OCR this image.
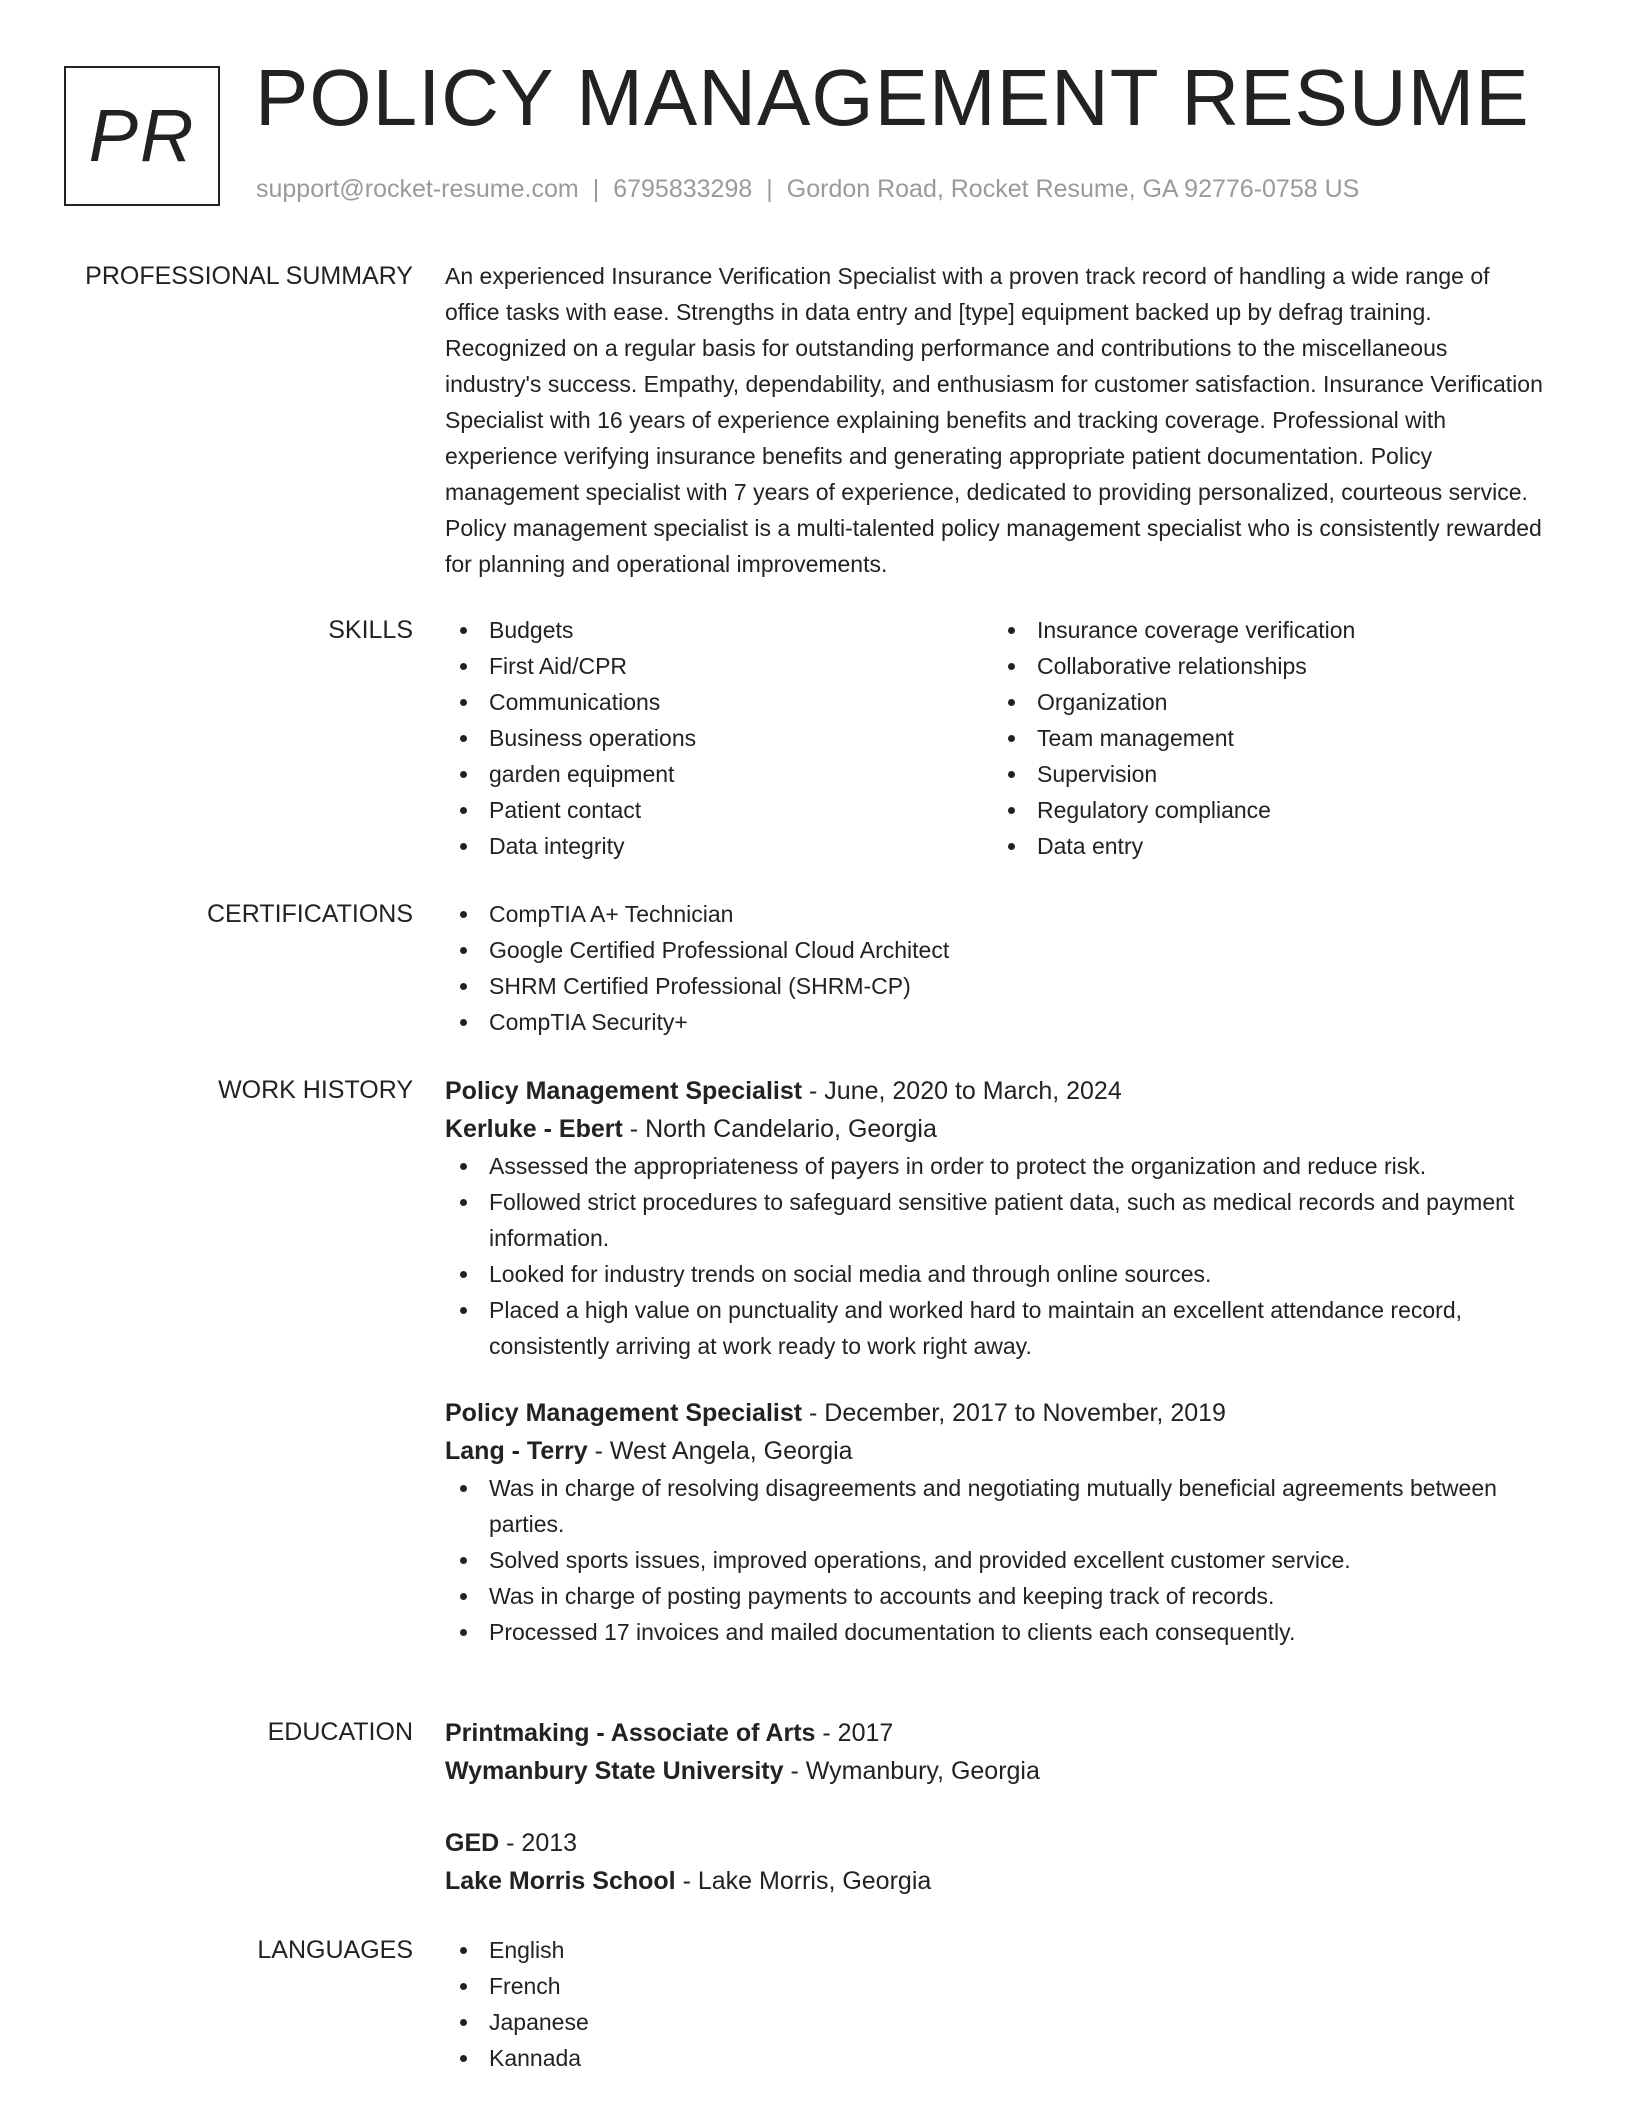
PR POLICY MANAGEMENT RESUME
support@rocket-resume.com | 6795833298 | Gordon Road, Rocket Resume, GA 92776-0758 US
PROFESSIONAL SUMMARY An experienced Insurance Verification Specialist with a proven track record of handling a wide range of office tasks with ease. Strengths in data entry and [type] equipment backed up by defrag training. Recognized on a regular basis for outstanding performance and contributions to the miscellaneous industry's success. Empathy, dependability, and enthusiasm for customer satisfaction. Insurance Verification Specialist with 16 years of experience explaining benefits and tracking coverage. Professional with experience verifying insurance benefits and generating appropriate patient documentation. Policy management specialist with 7 years of experience, dedicated to providing personalized, courteous service. Policy management specialist is a multi-talented policy management specialist who is consistently rewarded for planning and operational improvements.

SKILLS	Budgets
First Aid/CPR
Communications
Business operations
garden equipment
Patient contact
Data integrity
Insurance coverage verification
Collaborative relationships
Organization
Team management
Supervision
Regulatory compliance
Data entry
CERTIFICATIONS	CompTIA A+ Technician
Google Certified Professional Cloud Architect
SHRM Certified Professional (SHRM-CP)
CompTIA Security+
WORK HISTORY Policy Management Specialist - June, 2020 to March, 2024
Kerluke - Ebert - North Candelario, Georgia
Assessed the appropriateness of payers in order to protect the organization and reduce risk.
Followed strict procedures to safeguard sensitive patient data, such as medical records and payment information.
Looked for industry trends on social media and through online sources.
Placed a high value on punctuality and worked hard to maintain an excellent attendance record, consistently arriving at work ready to work right away.
Policy Management Specialist - December, 2017 to November, 2019
Lang - Terry - West Angela, Georgia
Was in charge of resolving disagreements and negotiating mutually beneficial agreements between parties.
Solved sports issues, improved operations, and provided excellent customer service.
Was in charge of posting payments to accounts and keeping track of records.
Processed 17 invoices and mailed documentation to clients each consequently.
EDUCATION Printmaking - Associate of Arts - 2017
Wymanbury State University - Wymanbury, Georgia
GED - 2013
Lake Morris School - Lake Morris, Georgia
LANGUAGES	English
French
Japanese
Kannada
